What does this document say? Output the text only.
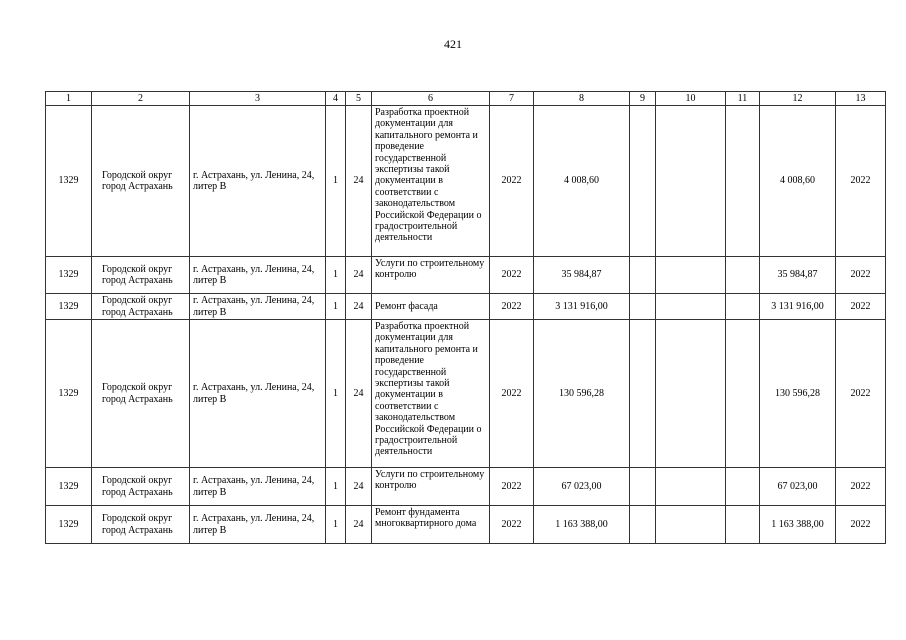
421
1	2	3	4	5	6	7	8	9	10	11	12	13
1329	Городской округ город Астрахань	г. Астрахань, ул. Ленина, 24, литер В	1	24	Разработка проектной документации для капитального ремонта и проведение государственной экспертизы такой документации в соответствии с законодательством Российской Федерации о градостроительной деятельности	2022	4 008,60				4 008,60	2022
1329	Городской округ город Астрахань	г. Астрахань, ул. Ленина, 24, литер В	1	24	Услуги по строительному контролю	2022	35 984,87				35 984,87	2022
1329	Городской округ город Астрахань	г. Астрахань, ул. Ленина, 24, литер В	1	24	Ремонт фасада	2022	3 131 916,00				3 131 916,00	2022
1329	Городской округ город Астрахань	г. Астрахань, ул. Ленина, 24, литер В	1	24	Разработка проектной документации для капитального ремонта и проведение государственной экспертизы такой документации в соответствии с законодательством Российской Федерации о градостроительной деятельности	2022	130 596,28				130 596,28	2022
1329	Городской округ город Астрахань	г. Астрахань, ул. Ленина, 24, литер В	1	24	Услуги по строительному контролю	2022	67 023,00				67 023,00	2022
1329	Городской округ город Астрахань	г. Астрахань, ул. Ленина, 24, литер В	1	24	Ремонт фундамента многоквартирного дома	2022	1 163 388,00				1 163 388,00	2022
